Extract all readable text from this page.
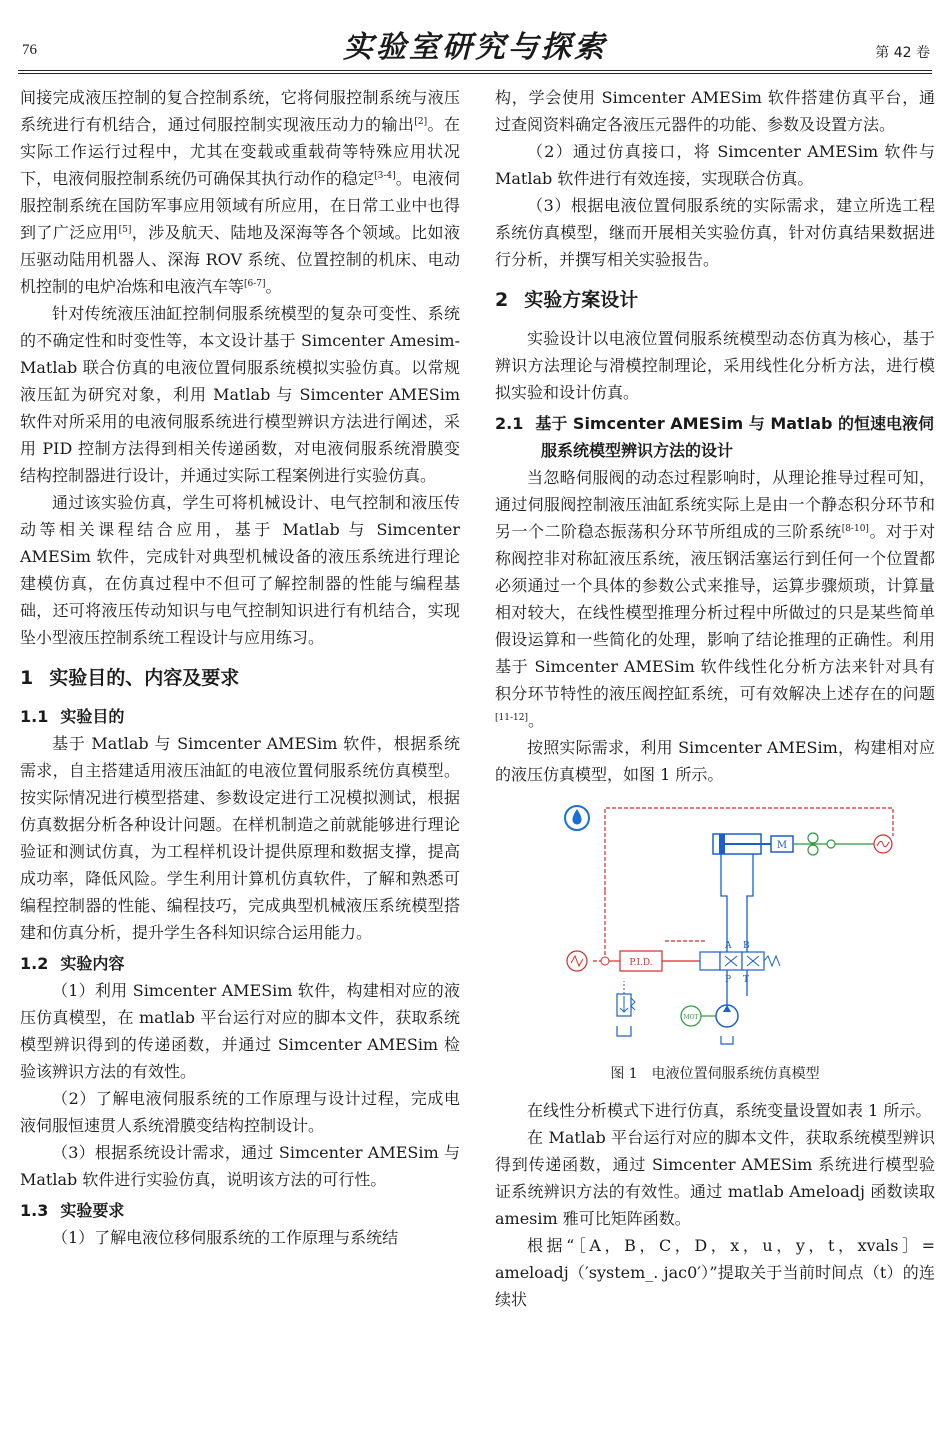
76	实验室研究与探索	第 42 卷

间接完成液压控制的复合控制系统，它将伺服控制系统与液压系统进行有机结合，通过伺服控制实现液压动力的输出[2]。在实际工作运行过程中，尤其在变载或重载荷等特殊应用状况下，电液伺服控制系统仍可确保其执行动作的稳定[3-4]。电液伺服控制系统在国防军事应用领域有所应用，在日常工业中也得到了广泛应用[5]，涉及航天、陆地及深海等各个领域。比如液压驱动陆用机器人、深海 ROV 系统、位置控制的机床、电动机控制的电炉冶炼和电液汽车等[6-7]。

针对传统液压油缸控制伺服系统模型的复杂可变性、系统的不确定性和时变性等，本文设计基于 Simcenter Amesim-Matlab 联合仿真的电液位置伺服系统模拟实验仿真。以常规液压缸为研究对象，利用 Matlab 与 Simcenter AMESim 软件对所采用的电液伺服系统进行模型辨识方法进行阐述，采用 PID 控制方法得到相关传递函数，对电液伺服系统滑膜变结构控制器进行设计，并通过实际工程案例进行实验仿真。

通过该实验仿真，学生可将机械设计、电气控制和液压传动等相关课程结合应用，基于 Matlab 与 Simcenter AMESim 软件，完成针对典型机械设备的液压系统进行理论建模仿真，在仿真过程中不但可了解控制器的性能与编程基础，还可将液压传动知识与电气控制知识进行有机结合，实现坠小型液压控制系统工程设计与应用练习。

1 实验目的、内容及要求
1.1 实验目的

基于 Matlab 与 Simcenter AMESim 软件，根据系统需求，自主搭建适用液压油缸的电液位置伺服系统仿真模型。按实际情况进行模型搭建、参数设定进行工况模拟测试，根据仿真数据分析各种设计问题。在样机制造之前就能够进行理论验证和测试仿真，为工程样机设计提供原理和数据支撑，提高成功率，降低风险。学生利用计算机仿真软件，了解和熟悉可编程控制器的性能、编程技巧，完成典型机械液压系统模型搭建和仿真分析，提升学生各科知识综合运用能力。

1.2 实验内容

（1）利用 Simcenter AMESim 软件，构建相对应的液压仿真模型，在 matlab 平台运行对应的脚本文件，获取系统模型辨识得到的传递函数，并通过 Simcenter AMESim 检验该辨识方法的有效性。

（2）了解电液伺服系统的工作原理与设计过程，完成电液伺服恒速贯人系统滑膜变结构控制设计。

（3）根据系统设计需求，通过 Simcenter AMESim 与 Matlab 软件进行实验仿真，说明该方法的可行性。

1.3 实验要求

（1）了解电液位移伺服系统的工作原理与系统结

构，学会使用 Simcenter AMESim 软件搭建仿真平台，通过查阅资料确定各液压元器件的功能、参数及设置方法。

（2）通过仿真接口，将 Simcenter AMESim 软件与 Matlab 软件进行有效连接，实现联合仿真。

（3）根据电液位置伺服系统的实际需求，建立所选工程系统仿真模型，继而开展相关实验仿真，针对仿真结果数据进行分析，并撰写相关实验报告。

2 实验方案设计

实验设计以电液位置伺服系统模型动态仿真为核心，基于辨识方法理论与滑模控制理论，采用线性化分析方法，进行模拟实验和设计仿真。

2.1 基于 Simcenter AMESim 与 Matlab 的恒速电液伺服系统模型辨识方法的设计

当忽略伺服阀的动态过程影响时，从理论推导过程可知，通过伺服阀控制液压油缸系统实际上是由一个静态积分环节和另一个二阶稳态振荡积分环节所组成的三阶系统[8-10]。对于对称阀控非对称缸液压系统，液压钢活塞运行到任何一个位置都必须通过一个具体的参数公式来推导，运算步骤烦琐，计算量相对较大，在线性模型推理分析过程中所做过的只是某些简单假设运算和一些简化的处理，影响了结论推理的正确性。利用基于 Simcenter AMESim 软件线性化分析方法来针对具有积分环节特性的液压阀控缸系统，可有效解决上述存在的问题[11-12]。

按照实际需求，利用 Simcenter AMESim，构建相对应的液压仿真模型，如图 1 所示。

M
P.I.D.
A B
P T
MOT
图 1 电液位置伺服系统仿真模型

在线性分析模式下进行仿真，系统变量设置如表 1 所示。

在 Matlab 平台运行对应的脚本文件，获取系统模型辨识得到传递函数，通过 Simcenter AMESim 系统进行模型验证系统辨识方法的有效性。通过 matlab Ameloadj 函数读取 amesim 雅可比矩阵函数。

根据“［A，B，C，D，x，u，y，t，xvals］= ameloadj（′system_. jac0′）”提取关于当前时间点（t）的连续状
